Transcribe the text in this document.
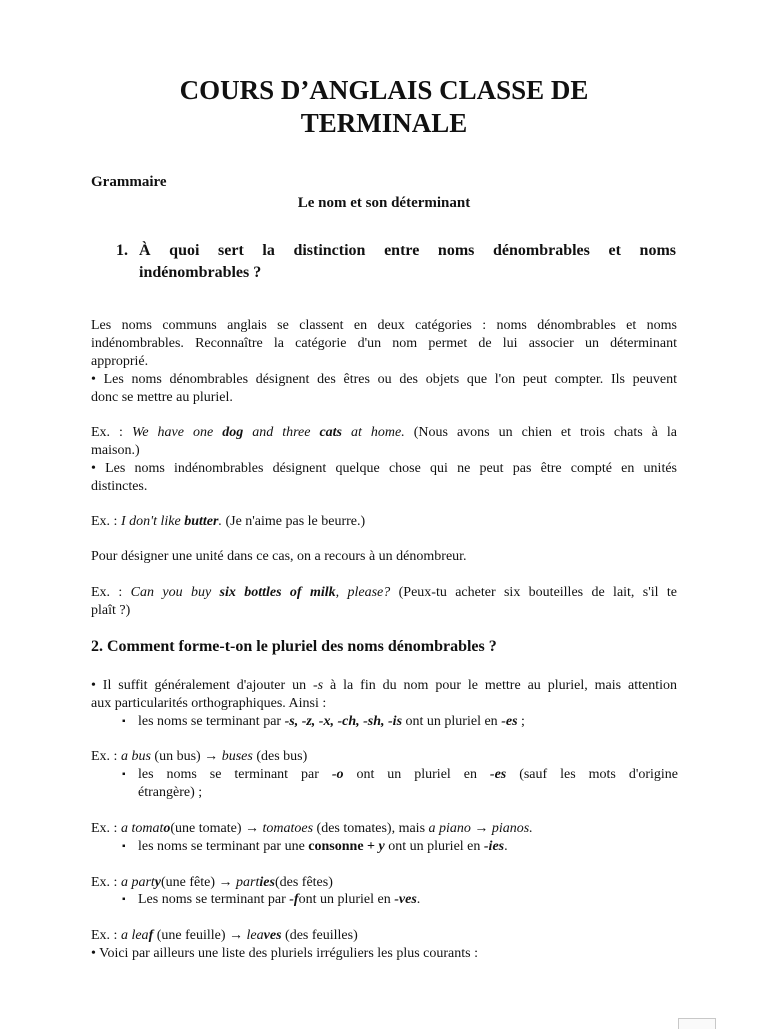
COURS D’ANGLAIS CLASSE DE
TERMINALE
Grammaire
Le nom et son déterminant
1. À quoi sert la distinction entre noms dénombrables et noms
indénombrables ?
Les noms communs anglais se classent en deux catégories : noms dénombrables et noms
indénombrables. Reconnaître la catégorie d'un nom permet de lui associer un déterminant
approprié.
• Les noms dénombrables désignent des êtres ou des objets que l'on peut compter. Ils peuvent
donc se mettre au pluriel.
Ex. : We have one dog and three cats at home. (Nous avons un chien et trois chats à la
maison.)
• Les noms indénombrables désignent quelque chose qui ne peut pas être compté en unités
distinctes.
Ex. : I don't like butter. (Je n'aime pas le beurre.)
Pour désigner une unité dans ce cas, on a recours à un dénombreur.
Ex. : Can you buy six bottles of milk, please? (Peux-tu acheter six bouteilles de lait, s'il te
plaît ?)
2. Comment forme-t-on le pluriel des noms dénombrables ?
• Il suffit généralement d'ajouter un -s à la fin du nom pour le mettre au pluriel, mais attention
aux particularités orthographiques. Ainsi :
▪ les noms se terminant par -s, -z, -x, -ch, -sh, -is ont un pluriel en -es ;
Ex. : a bus (un bus) → buses (des bus)
▪ les noms se terminant par -o ont un pluriel en -es (sauf les mots d'origine
étrangère) ;
Ex. : a tomato(une tomate) → tomatoes (des tomates), mais a piano → pianos.
▪ les noms se terminant par une consonne + y ont un pluriel en -ies.
Ex. : a party(une fête) → parties(des fêtes)
▪ Les noms se terminant par -font un pluriel en -ves.
Ex. : a leaf (une feuille) → leaves (des feuilles)
• Voici par ailleurs une liste des pluriels irréguliers les plus courants :
